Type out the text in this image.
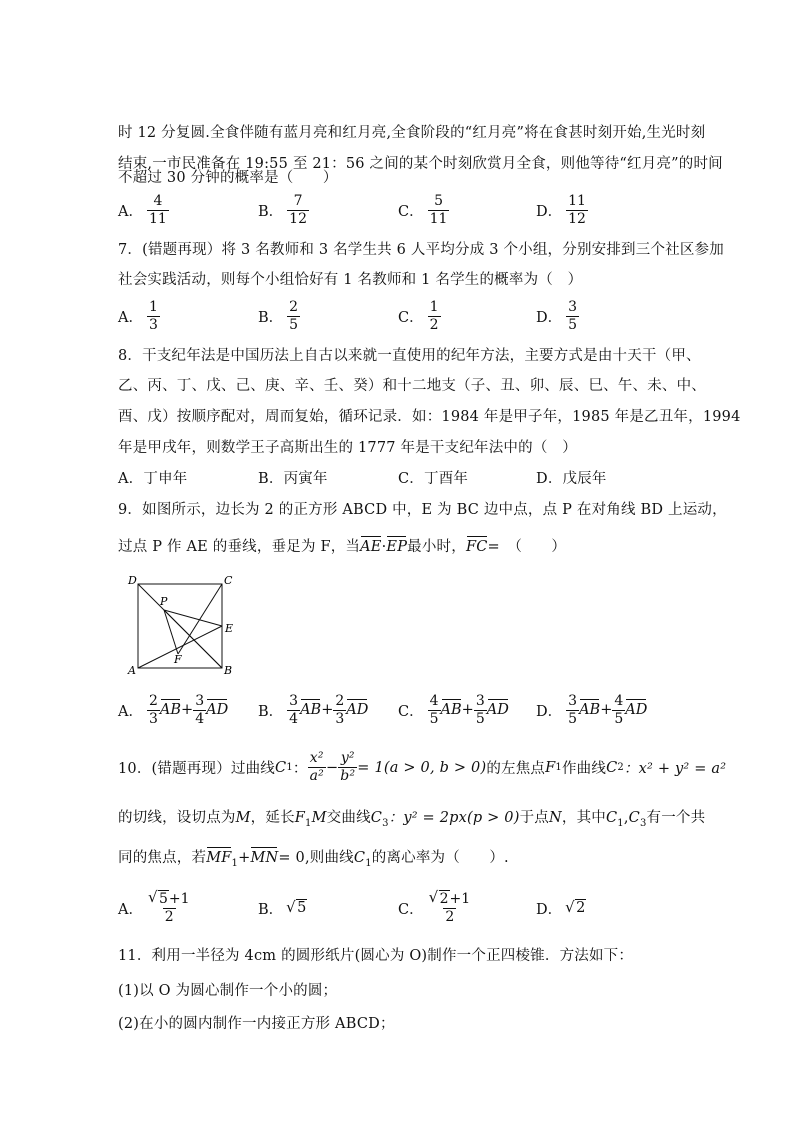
时 12 分复圆.全食伴随有蓝月亮和红月亮,全食阶段的“红月亮”将在食甚时刻开始,生光时刻
结束,一市民准备在 19:55 至 21：56 之间的某个时刻欣赏月全食，则他等待“红月亮”的时间
不超过 30 分钟的概率是（　　）
A． $\frac{4}{11}$	B． $\frac{7}{12}$	C． $\frac{5}{11}$	D． $\frac{11}{12}$
7．(错题再现）将 3 名教师和 3 名学生共 6 人平均分成 3 个小组，分别安排到三个社区参加
社会实践活动，则每个小组恰好有 1 名教师和 1 名学生的概率为（　）
A． $\frac{1}{3}$	B． $\frac{2}{5}$	C． $\frac{1}{2}$	D． $\frac{3}{5}$
8．干支纪年法是中国历法上自古以来就一直使用的纪年方法，主要方式是由十天干（甲、
乙、丙、丁、戊、己、庚、辛、壬、癸）和十二地支（子、丑、卯、辰、巳、午、未、中、
酉、戊）按顺序配对，周而复始，循环记录．如：1984 年是甲子年，1985 年是乙丑年，1994
年是甲戌年，则数学王子高斯出生的 1777 年是干支纪年法中的（　）
A．丁申年	B．丙寅年	C．丁酉年	D．戊辰年
9．如图所示，边长为 2 的正方形 ABCD 中，E 为 BC 边中点，点 P 在对角线 BD 上运动，
过点 P 作 AE 的垂线，垂足为 F，当AE·EP最小时，FC=　（　　）
D	C
P
E
F
A	B
A． $\frac{2}{3}$ AB + $\frac{3}{4}$ AD B． $\frac{3}{4}$ AB + $\frac{2}{3}$ AD C． $\frac{4}{5}$ AB + $\frac{3}{5}$ AD D． $\frac{3}{5}$ AB + $\frac{4}{5}$ AD
10．(错题再现）过曲线 C 1 ： $\frac{\text{x²}}{\text{a²}} - \frac{\text{y²}}{\text{b²}} = 1(a > 0$, b > 0) 的左焦点 F 1 作曲线 C 2 ：x² + y² = a²
的切线，设切点为M，延长$F_1M$交曲线$C_3$：y² = 2px(p > 0)于点N，其中$C_1,C_3$有一个共
同的焦点，若$MF_1+MN= 0$,则曲线$C_1$的离心率为（　　）.
A． √ $\frac{5+1}{2}$	B． √ 5	C． √ $\frac{2+1}{2}$	D． √ 2
11．利用一半径为 4cm 的圆形纸片(圆心为 O)制作一个正四棱锥．方法如下：
(1)以 O 为圆心制作一个小的圆；
(2)在小的圆内制作一内接正方形 ABCD；
